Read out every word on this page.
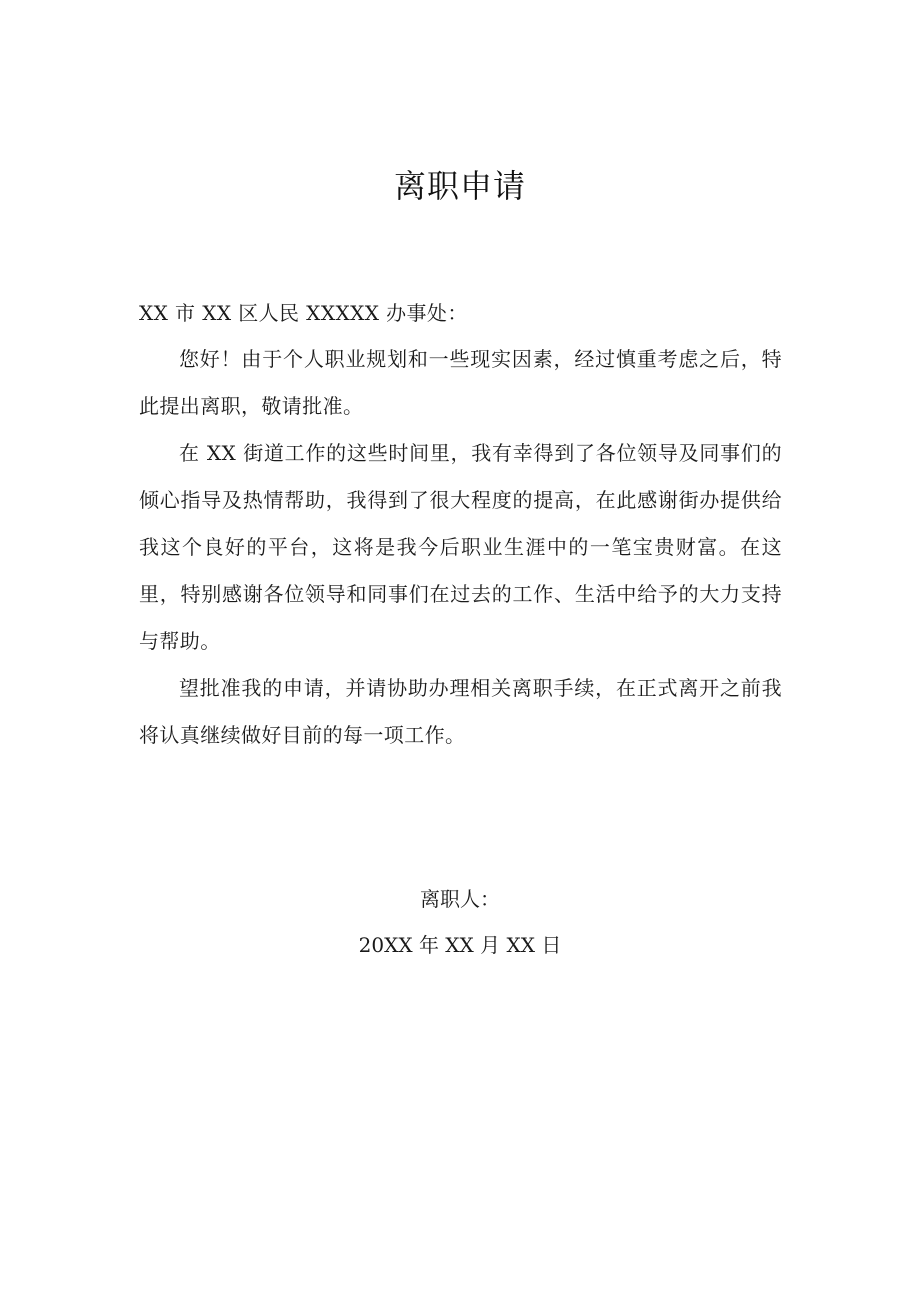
离职申请

XX 市 XX 区人民 XXXXX 办事处：

您好！由于个人职业规划和一些现实因素，经过慎重考虑之后，特此提出离职，敬请批准。

在 XX 街道工作的这些时间里，我有幸得到了各位领导及同事们的倾心指导及热情帮助，我得到了很大程度的提高，在此感谢街办提供给我这个良好的平台，这将是我今后职业生涯中的一笔宝贵财富。在这里，特别感谢各位领导和同事们在过去的工作、生活中给予的大力支持与帮助。

望批准我的申请，并请协助办理相关离职手续，在正式离开之前我将认真继续做好目前的每一项工作。

离职人：
20XX 年 XX 月 XX 日
